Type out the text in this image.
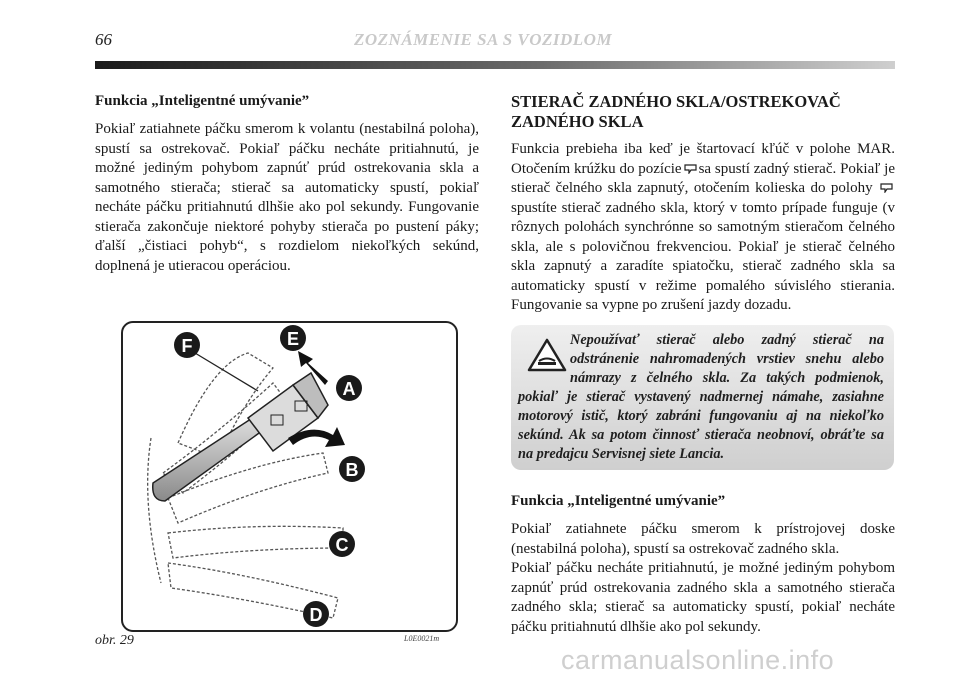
66	ZOZNÁMENIE SA S VOZIDLOM
Funkcia „Inteligentné umývanie”

Pokiaľ zatiahnete páčku smerom k volantu (nestabilná poloha), spustí sa ostrekovač. Pokiaľ páčku necháte pritiahnutú, je možné jediným pohybom zapnúť prúd ostrekovania skla a samotného stierača; stierač sa automaticky spustí, pokiaľ necháte páčku pritiahnutú dlhšie ako pol sekundy. Fungovanie stierača zakončuje niektoré pohyby stierača po pustení páky; ďalší „čistiaci pohyb“, s rozdielom niekoľkých sekúnd, doplnená je utieracou operáciou.

STIERAČ ZADNÉHO SKLA/OSTREKOVAČ ZADNÉHO SKLA

Funkcia prebieha iba keď je štartovací kľúč v polohe MAR. Otočením krúžku do pozície sa spustí zadný stierač. Pokiaľ je stierač čelného skla zapnutý, otočením kolieska do polohy  spustíte stierač zadného skla, ktorý v tomto prípade funguje (v rôznych polohách synchrónne so samotným stieračom čelného skla, ale s polovičnou frekvenciou. Pokiaľ je stierač čelného skla zapnutý a zaradíte spiatočku, stierač zadného skla sa automaticky spustí v režime pomalého súvislého stierania. Fungovanie sa vypne po zrušení jazdy dozadu.

Nepoužívať stierač alebo zadný stierač na odstránenie nahromadených vrstiev snehu alebo námrazy z čelného skla. Za takých podmienok, pokiaľ je stierač vystavený nadmernej námahe, zasiahne motorový istič, ktorý zabráni fungovaniu aj na niekoľko sekúnd. Ak sa potom činnosť stierača neobnoví, obráťte sa na predajcu Servisnej siete Lancia.
Funkcia „Inteligentné umývanie”

Pokiaľ zatiahnete páčku smerom k prístrojovej doske (nestabilná poloha), spustí sa ostrekovač zadného skla.

Pokiaľ páčku necháte pritiahnutú, je možné jediným pohybom zapnúť prúd ostrekovania zadného skla a samotného stierača zadného skla; stierač sa automaticky spustí, pokiaľ necháte páčku pritiahnutú dlhšie ako pol sekundy.

F	E
A
B
C
D
obr. 29	L0E0021m
carmanualsonline.info
